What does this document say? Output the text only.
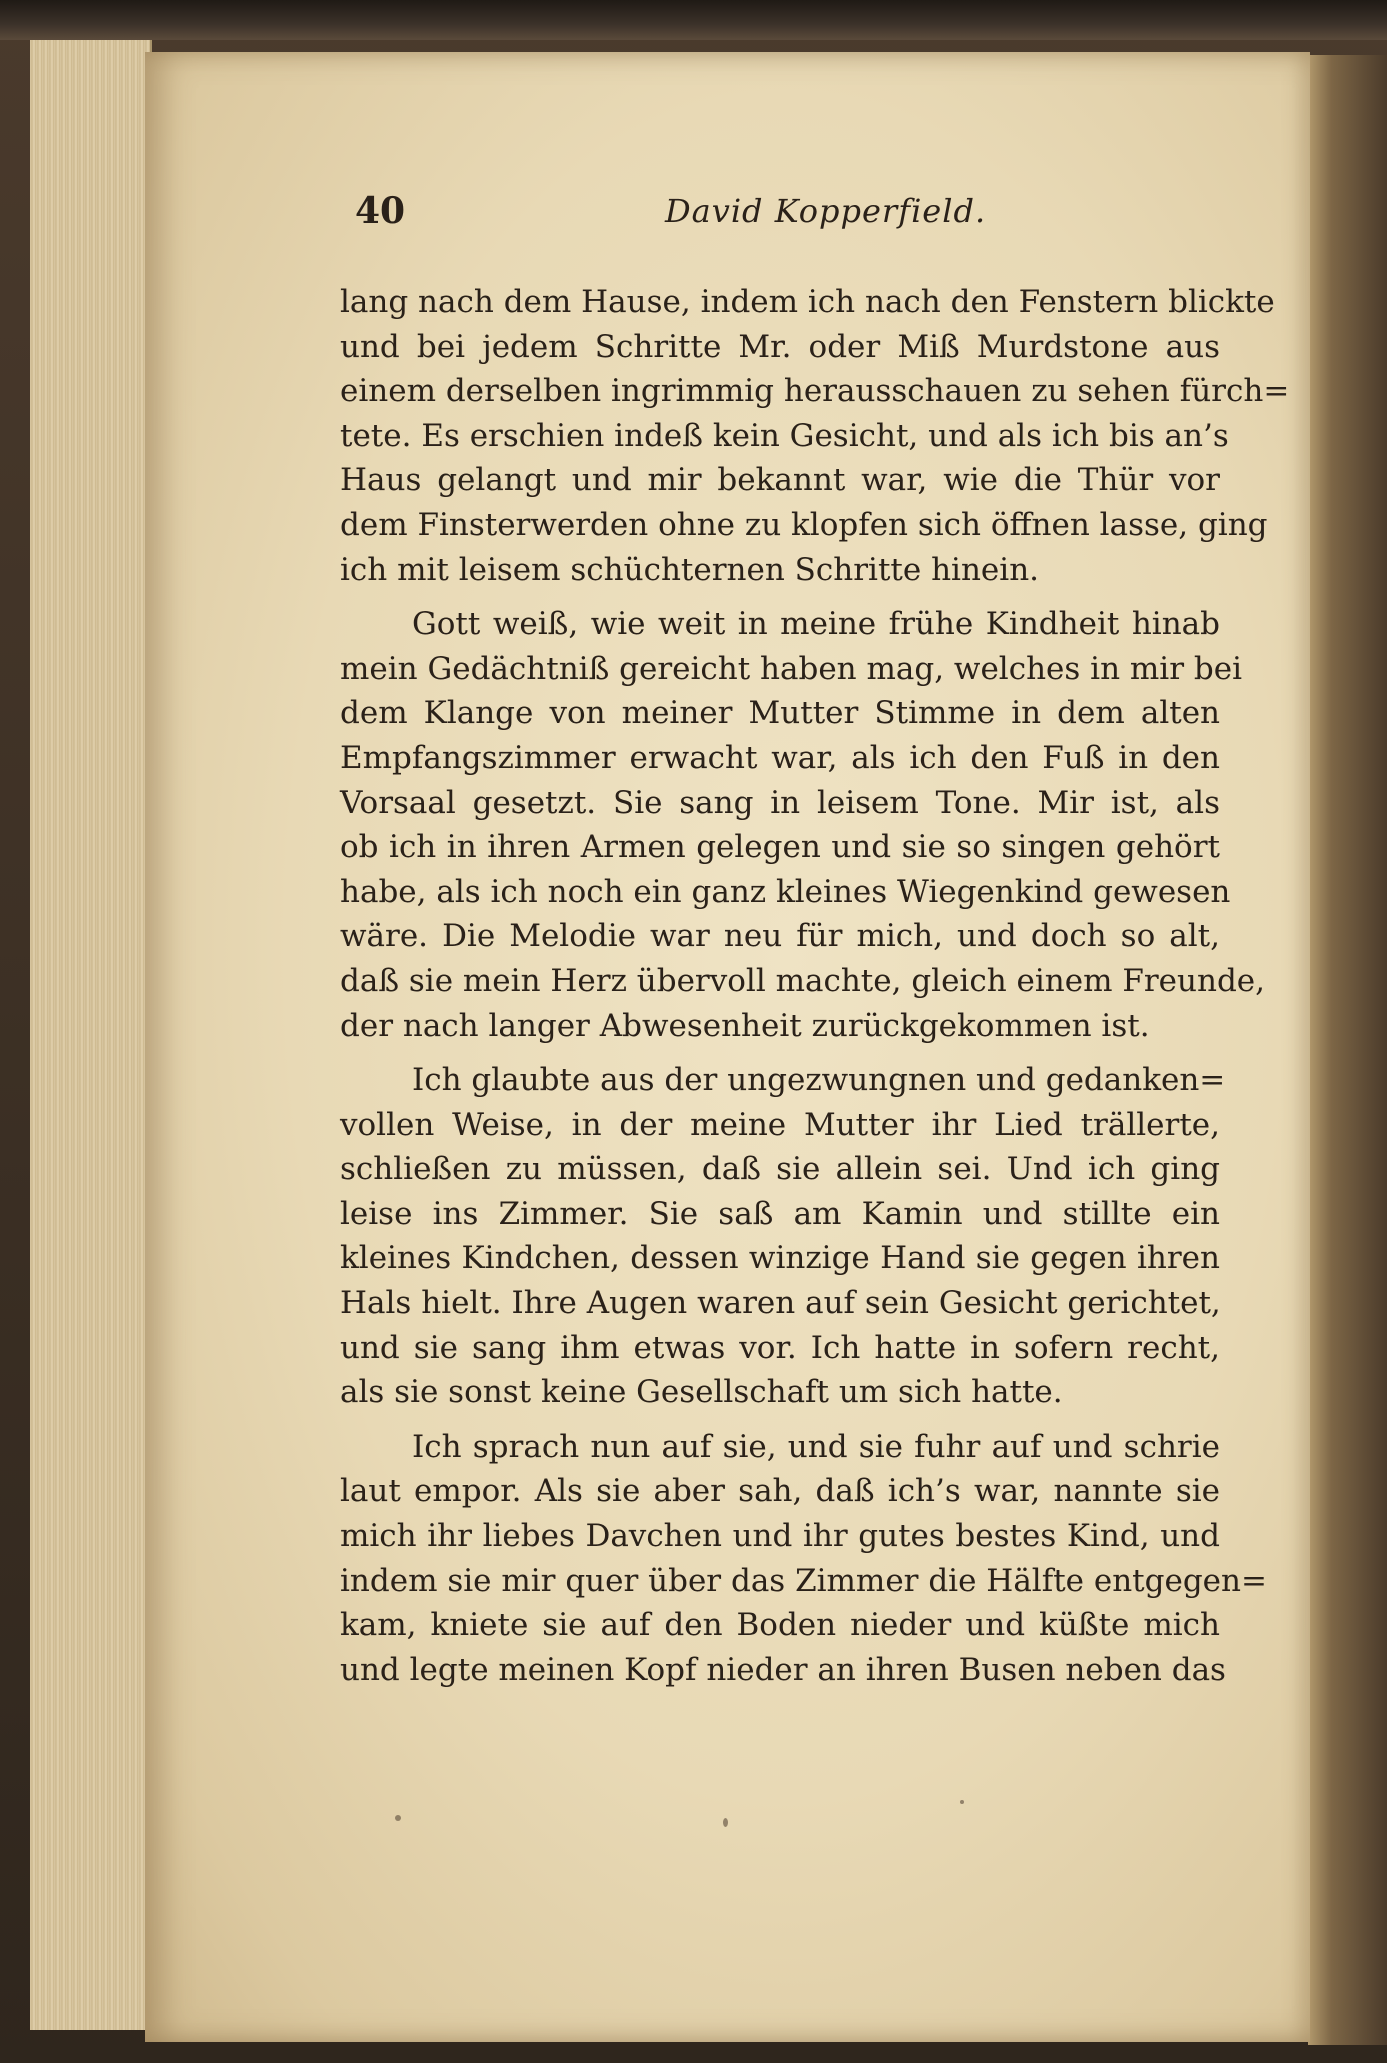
40	David Kopperfield.
lang nach dem Hause, indem ich nach den Fenstern blickte
und bei jedem Schritte Mr. oder Miß Murdstone aus
einem derselben ingrimmig herausschauen zu sehen fürch=
tete. Es erschien indeß kein Gesicht, und als ich bis an’s
Haus gelangt und mir bekannt war, wie die Thür vor
dem Finsterwerden ohne zu klopfen sich öffnen lasse, ging
ich mit leisem schüchternen Schritte hinein.
Gott weiß, wie weit in meine frühe Kindheit hinab
mein Gedächtniß gereicht haben mag, welches in mir bei
dem Klange von meiner Mutter Stimme in dem alten
Empfangszimmer erwacht war, als ich den Fuß in den
Vorsaal gesetzt. Sie sang in leisem Tone. Mir ist, als
ob ich in ihren Armen gelegen und sie so singen gehört
habe, als ich noch ein ganz kleines Wiegenkind gewesen
wäre. Die Melodie war neu für mich, und doch so alt,
daß sie mein Herz übervoll machte, gleich einem Freunde,
der nach langer Abwesenheit zurückgekommen ist.
Ich glaubte aus der ungezwungnen und gedanken=
vollen Weise, in der meine Mutter ihr Lied trällerte,
schließen zu müssen, daß sie allein sei. Und ich ging
leise ins Zimmer. Sie saß am Kamin und stillte ein
kleines Kindchen, dessen winzige Hand sie gegen ihren
Hals hielt. Ihre Augen waren auf sein Gesicht gerichtet,
und sie sang ihm etwas vor. Ich hatte in sofern recht,
als sie sonst keine Gesellschaft um sich hatte.
Ich sprach nun auf sie, und sie fuhr auf und schrie
laut empor. Als sie aber sah, daß ich’s war, nannte sie
mich ihr liebes Davchen und ihr gutes bestes Kind, und
indem sie mir quer über das Zimmer die Hälfte entgegen=
kam, kniete sie auf den Boden nieder und küßte mich
und legte meinen Kopf nieder an ihren Busen neben das
